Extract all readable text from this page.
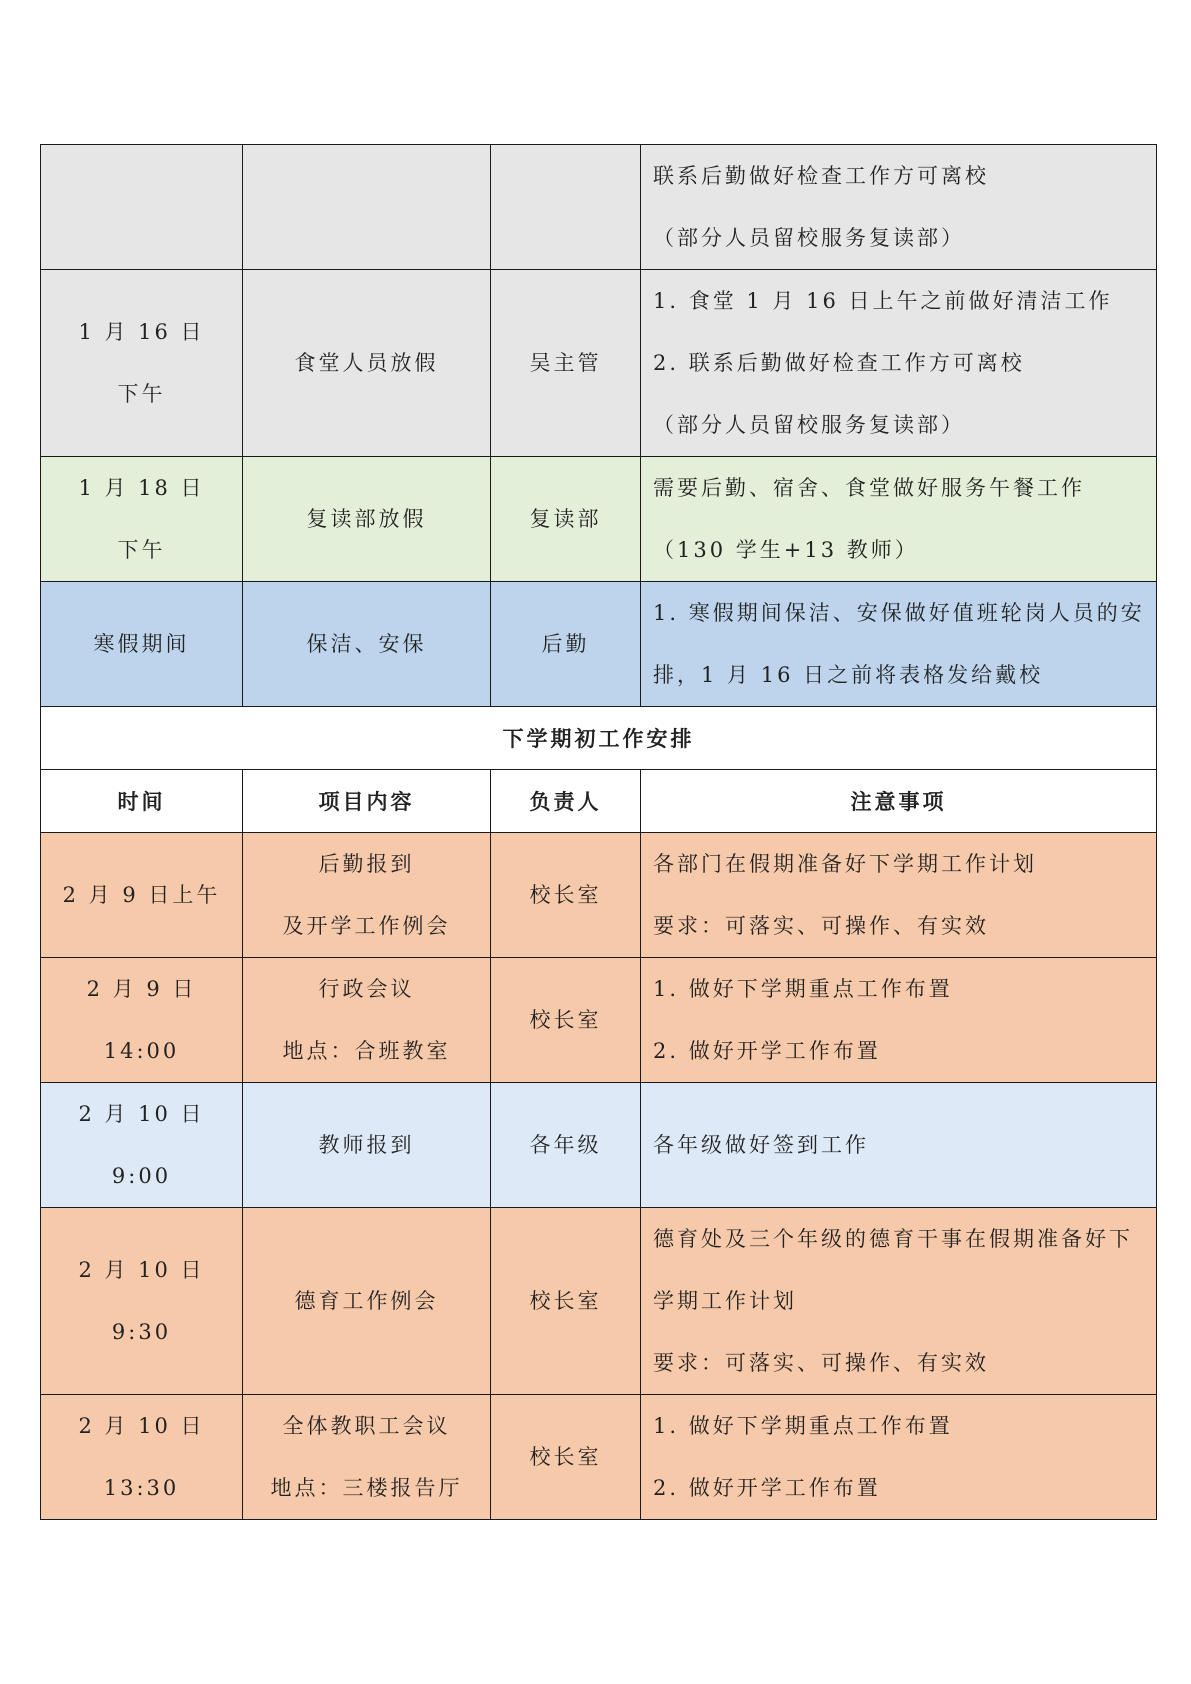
			联系后勤做好检查工作方可离校
（部分人员留校服务复读部）

1 月 16 日
下午	食堂人员放假	吴主管	1. 食堂 1 月 16 日上午之前做好清洁工作
2. 联系后勤做好检查工作方可离校
（部分人员留校服务复读部）

1 月 18 日
下午	复读部放假	复读部	需要后勤、宿舍、食堂做好服务午餐工作
（130 学生+13 教师）

寒假期间	保洁、安保	后勤	1. 寒假期间保洁、安保做好值班轮岗人员的安
排，1 月 16 日之前将表格发给戴校

下学期初工作安排			
时间	项目内容	负责人	注意事项

2 月 9 日上午	后勤报到
及开学工作例会	校长室	各部门在假期准备好下学期工作计划
要求：可落实、可操作、有实效

2 月 9 日
14:00	行政会议
地点：合班教室	校长室	1. 做好下学期重点工作布置
2. 做好开学工作布置

2 月 10 日
9:00	教师报到	各年级	各年级做好签到工作

2 月 10 日
9:30	德育工作例会	校长室	德育处及三个年级的德育干事在假期准备好下
学期工作计划
要求：可落实、可操作、有实效

2 月 10 日
13:30	全体教职工会议
地点：三楼报告厅	校长室	1. 做好下学期重点工作布置
2. 做好开学工作布置
